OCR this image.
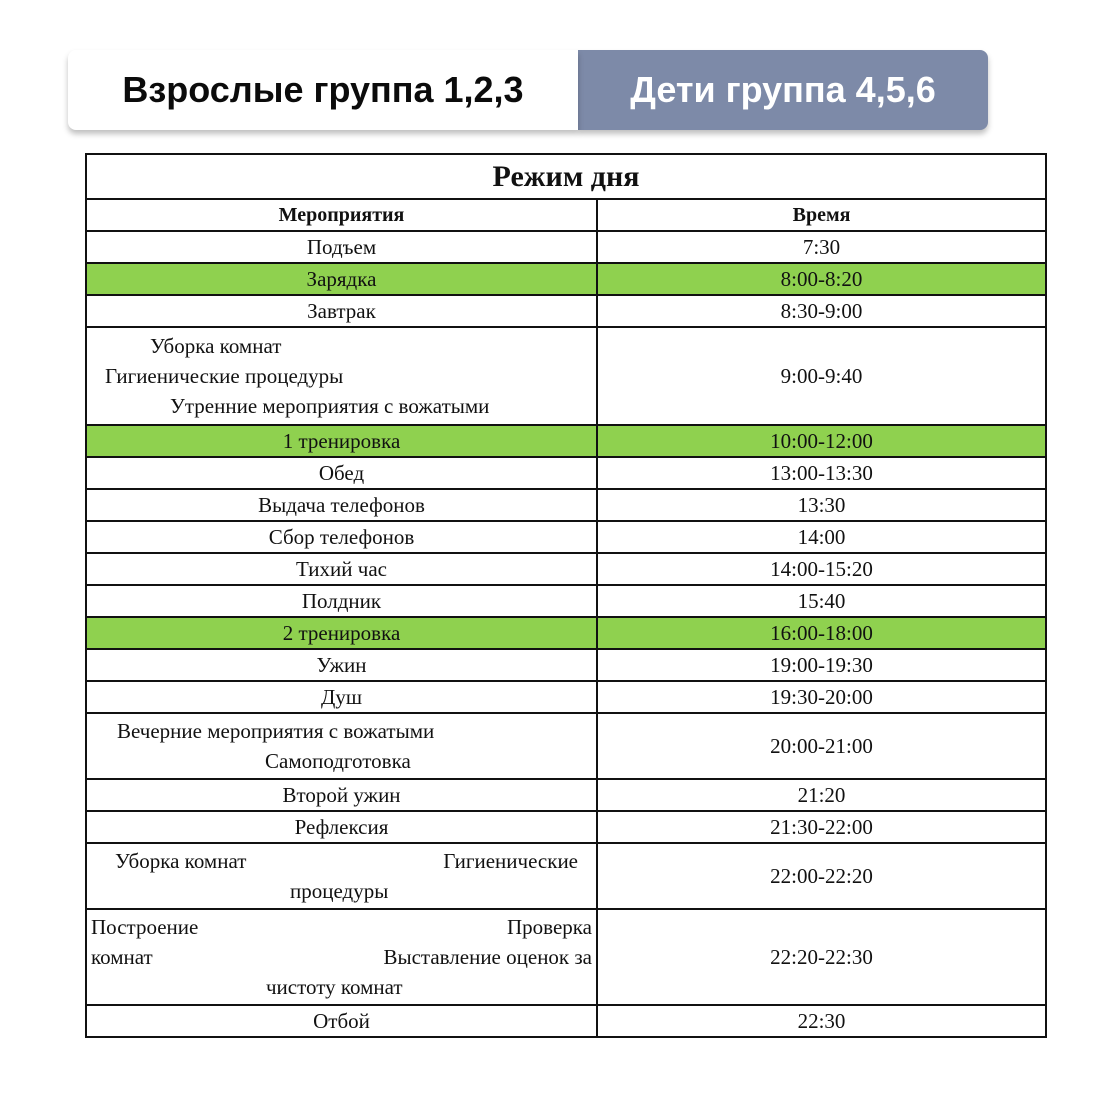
Взрослые группа 1,2,3	Дети группа 4,5,6
Режим дня	
Мероприятия	Время
Подъем	7:30
Зарядка	8:00-8:20
Завтрак	8:30-9:00

Уборка комнат
Гигиенические процедуры
Утренние мероприятия с вожатыми	9:00-9:40
1 тренировка	10:00-12:00
Обед	13:00-13:30
Выдача телефонов	13:30
Сбор телефонов	14:00
Тихий час	14:00-15:20
Полдник	15:40
2 тренировка	16:00-18:00
Ужин	19:00-19:30
Душ	19:30-20:00

Вечерние мероприятия с вожатыми
Самоподготовка	20:00-21:00
Второй ужин	21:20
Рефлексия	21:30-22:00

Уборка комнат Гигиенические
процедуры	22:00-22:20

Построение Проверка
комнат Выставление оценок за
чистоту комнат	22:20-22:30
Отбой	22:30
